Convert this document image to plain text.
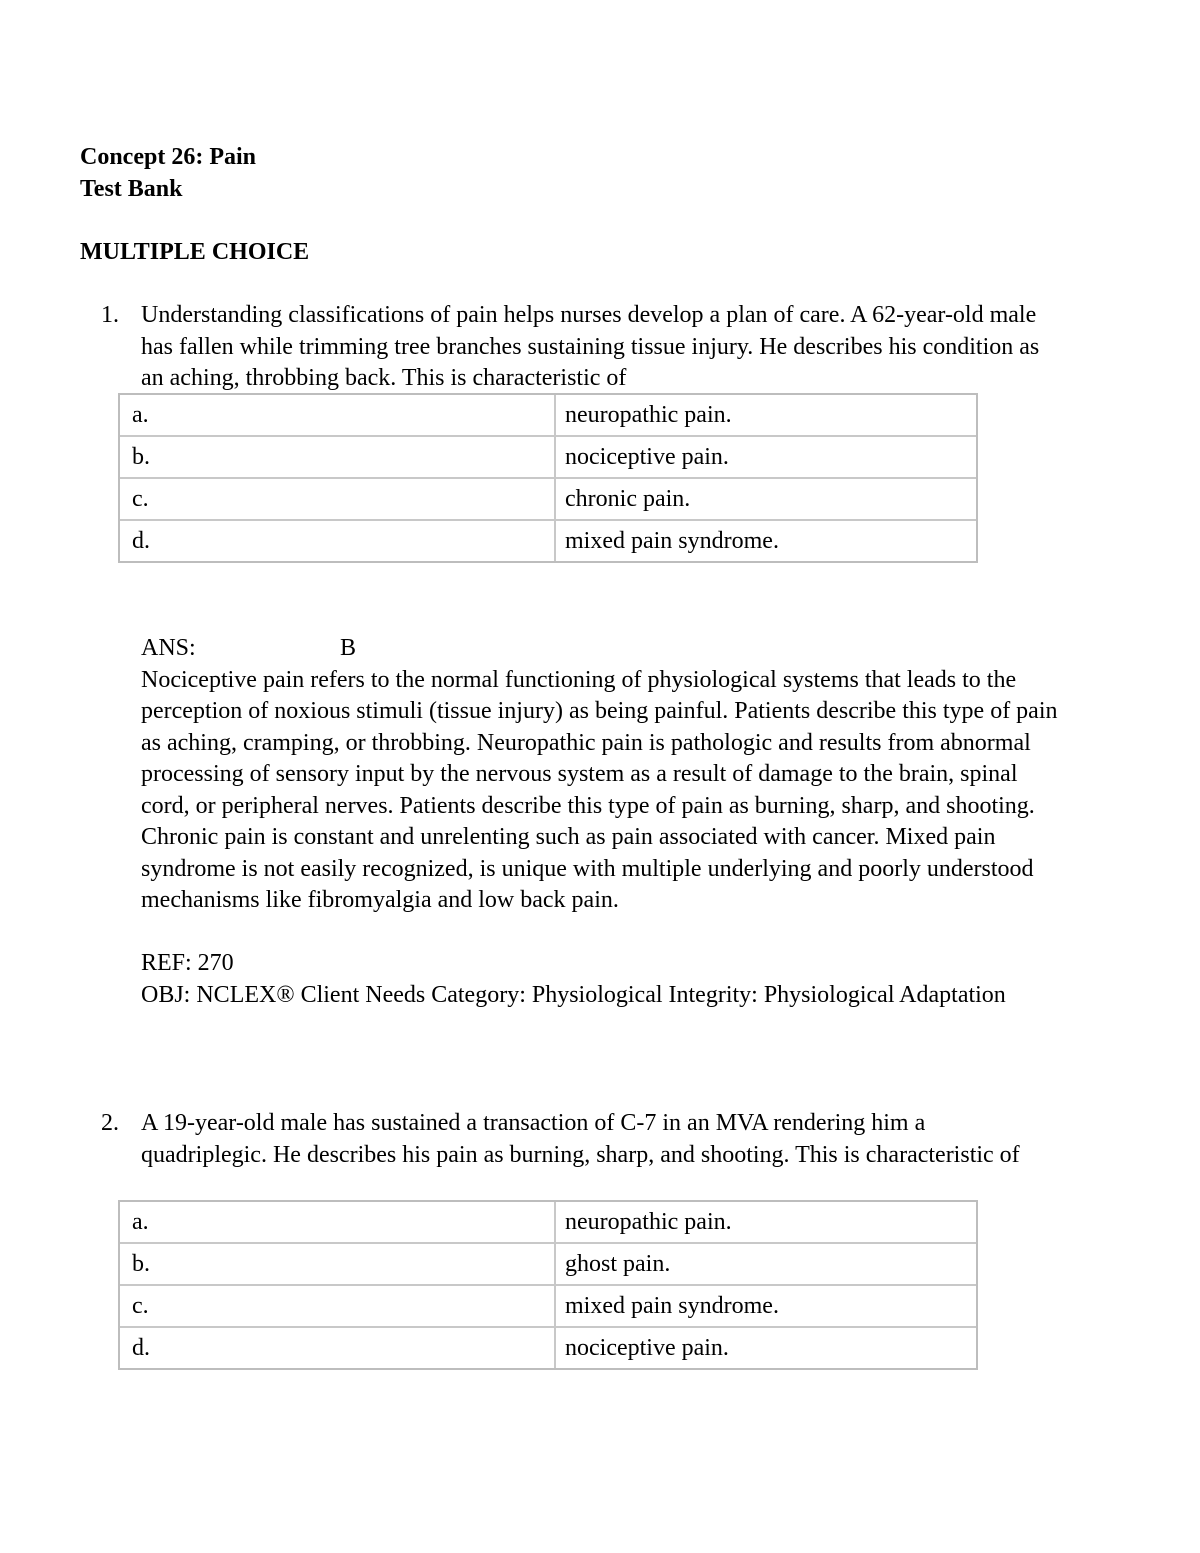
Concept 26: Pain
Test Bank
MULTIPLE CHOICE
1. Understanding classifications of pain helps nurses develop a plan of care. A 62-year-old male has fallen while trimming tree branches sustaining tissue injury. He describes his condition as an aching, throbbing back. This is characteristic of
a.	neuropathic pain.
b.	nociceptive pain.
c.	chronic pain.
d.	mixed pain syndrome.
ANS:	B

Nociceptive pain refers to the normal functioning of physiological systems that leads to the perception of noxious stimuli (tissue injury) as being painful. Patients describe this type of pain as aching, cramping, or throbbing. Neuropathic pain is pathologic and results from abnormal processing of sensory input by the nervous system as a result of damage to the brain, spinal cord, or peripheral nerves. Patients describe this type of pain as burning, sharp, and shooting. Chronic pain is constant and unrelenting such as pain associated with cancer. Mixed pain syndrome is not easily recognized, is unique with multiple underlying and poorly understood mechanisms like fibromyalgia and low back pain.

REF: 270
OBJ: NCLEX® Client Needs Category: Physiological Integrity: Physiological Adaptation
2. A 19-year-old male has sustained a transaction of C-7 in an MVA rendering him a quadriplegic. He describes his pain as burning, sharp, and shooting. This is characteristic of
a.	neuropathic pain.
b.	ghost pain.
c.	mixed pain syndrome.
d.	nociceptive pain.
